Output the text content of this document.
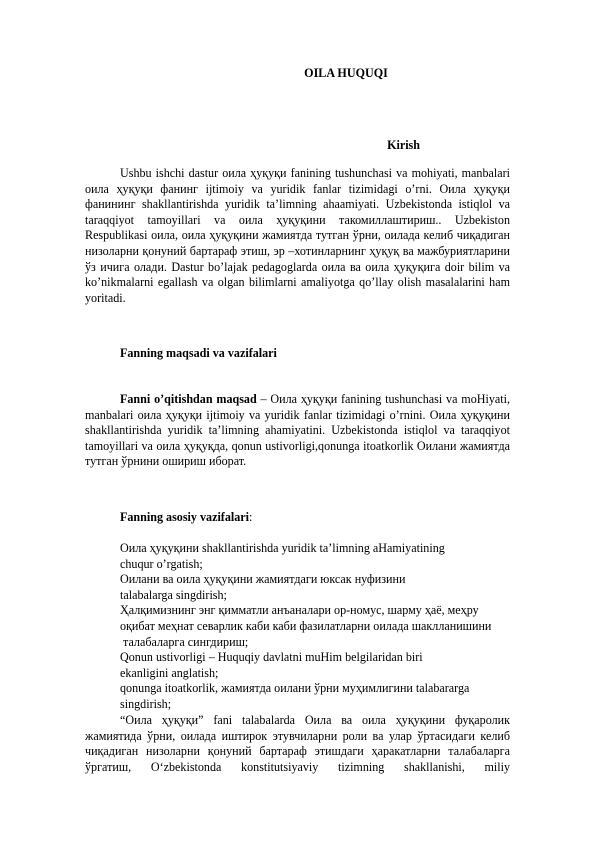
OILA HUQUQI
Kirish

Ushbu ishchi dastur оила ҳуқуқи fanining tushunchasi va mohiyati, manbalari оила ҳуқуқи фанинг ijtimoiy va yuridik fanlar tizimidagi o’rni. Оила ҳуқуқи фанининг shakllantirishda yuridik ta’limning ahaamiyati. Uzbekistonda istiqlol va taraqqiyot tamoyillari va оила ҳуқуқини такомиллаштириш.. Uzbekiston Respublikasi оила, оила ҳуқуқини жамиятда тутган ўрни, оилада келиб чиқадиган низоларни қонуний бартараф этиш, эр –хотинларнинг ҳуқуқ ва мажбуриятларини ўз ичига олади. Dastur bo’lajak pedagoglarda оила ва оила ҳуқуқига doir bilim va ko’nikmalarni egallash va olgan bilimlarni amaliyotga qo’llay olish masalalarini ham yoritadi.

Fanning maqsadi va vazifalari

Fanni o’qitishdan maqsad – Оила ҳуқуқи fanining tushunchasi va moHiyati, manbalari оила ҳуқуқи ijtimoiy va yuridik fanlar tizimidagi o’rnini. Оила ҳуқуқини shakllantirishda yuridik ta’limning ahamiyatini. Uzbekistonda istiqlol va taraqqiyot tamoyillari va оила ҳуқуқда, qonun ustivorligi,qonunga itoatkorlik Оилани жамиятда тутган ўрнини ошириш иборат.

Fanning asosiy vazifalari:
Оила ҳуқуқини shakllantirishda yuridik ta’limning aHamiyatining
chuqur o’rgatish;
Оилани ва оила ҳуқуқини жамиятдаги юксак нуфизини
talabalarga singdirish;
Ҳалқимизнинг энг қимматли анъаналари ор-номус, шарму ҳаё, меҳру
оқибат меҳнат севарлик каби каби фазилатларни оилада шаклланишини
талабаларга сингдириш;
Qonun ustivorligi – Huquqiy davlatni muHim belgilaridan biri
ekanligini anglatish;
qonunga itoatkorlik, жамиятда оилани ўрни муҳимлигини talabararga
singdirish;

“Оила ҳуқуқи” fani talabalarda Оила ва оила ҳуқуқини фуқаролик жамиятида ўрни, оилада иштирок этувчиларни роли ва улар ўртасидаги келиб чиқадиган низоларни қонуний бартараф этишдаги ҳаракатларни талабаларга ўргатиш, O‘zbekistonda konstitutsiyaviy tizimning shakllanishi, miliy
